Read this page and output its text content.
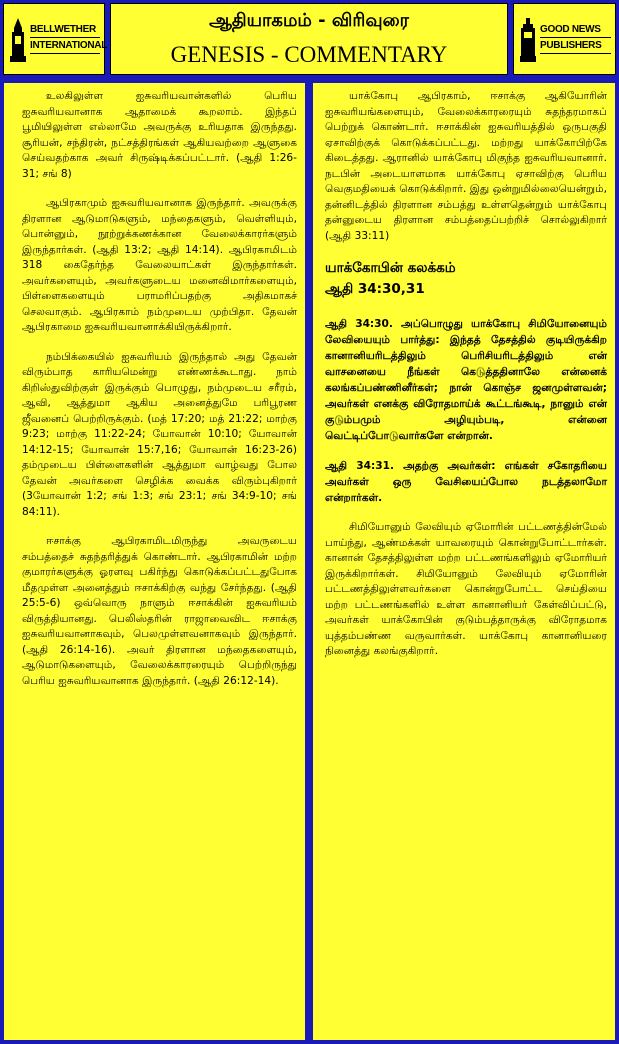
BELLWETHER
INTERNATIONAL
ஆதியாகமம் - விரிவுரை
GENESIS - COMMENTARY
GOOD NEWS
PUBLISHERS

உலகிலுள்ள ஐசுவரியவான்களில் பெரிய ஐசுவரியவானாக ஆதாமைக் கூறலாம். இந்தப் பூமியிலுள்ள எல்லாமே அவருக்கு உரியதாக இருந்தது. சூரியன், சந்திரன், நட்சத்திரங்கள் ஆகியவற்றை ஆளுகை செய்வதற்காக அவர் சிருஷ்டிக்கப்பட்டார். (ஆதி 1:26-31; சங் 8)

ஆபிரகாமும் ஐசுவரியவானாக இருந்தார். அவருக்கு திரளான ஆடுமாடுகளும், மந்தைகளும், வெள்ளியும், பொன்னும், நூற்றுக்கணக்கான வேலைக்காரர்களும் இருந்தார்கள். (ஆதி 13:2; ஆதி 14:14). ஆபிரகாமிடம் 318 கைதேர்ந்த வேலையாட்கள் இருந்தார்கள். அவர்களையும், அவர்களுடைய மனைவிமார்களையும், பிள்ளைகளையும் பராமரிப்பதற்கு அதிகமாகச் செலவாகும். ஆபிரகாம் நம்முடைய முற்பிதா. தேவன் ஆபிரகாமை ஐசுவரியவானாக்கியிருக்கிறார்.

நம்பிக்கையில் ஐசுவரியம் இருந்தால் அது தேவன் விரும்பாத காரியமென்று எண்ணக்கூடாது. நாம் கிறிஸ்துவிற்குள் இருக்கும் பொழுது, நம்முடைய சரீரம், ஆவி, ஆத்துமா ஆகிய அனைத்துமே பரிபூரண ஜீவனைப் பெற்றிருக்கும். (மத் 17:20; மத் 21:22; மாற்கு 9:23; மாற்கு 11:22-24; யோவான் 10:10; யோவான் 14:12-15; யோவான் 15:7,16; யோவான் 16:23-26) தம்முடைய பிள்ளைகளின் ஆத்துமா வாழ்வது போல தேவன் அவர்களை செழிக்க வைக்க விரும்புகிறார் (3யோவான் 1:2; சங் 1:3; சங் 23:1; சங் 34:9-10; சங் 84:11).

ஈசாக்கு ஆபிரகாமிடமிருந்து அவருடைய சம்பத்தைச் சுதந்தரித்துக் கொண்டார். ஆபிரகாமின் மற்ற குமாரர்களுக்கு ஓரளவு பகிர்ந்து கொடுக்கப்பட்டதுபோக மீதமுள்ள அனைத்தும் ஈசாக்கிற்கு வந்து சேர்ந்தது. (ஆதி 25:5-6) ஒவ்வொரு நாளும் ஈசாக்கின் ஐசுவரியம் விருத்தியானது. பெலிஸ்தரின் ராஜாவைவிட ஈசாக்கு ஐசுவரியவானாகவும், பெலமுள்ளவனாகவும் இருந்தார். (ஆதி 26:14-16). அவர் திரளான மந்தைகளையும், ஆடுமாடுகளையும், வேலைக்காரரையும் பெற்றிருந்து பெரிய ஐசுவரியவானாக இருந்தார். (ஆதி 26:12-14).

யாக்கோபு ஆபிரகாம், ஈசாக்கு ஆகியோரின் ஐசுவரியங்களையும், வேலைக்காரரையும் சுதந்தரமாகப் பெற்றுக் கொண்டார். ஈசாக்கின் ஐசுவரியத்தில் ஒருபகுதி ஏசாவிற்குக் கொடுக்கப்பட்டது. மற்றது யாக்கோபிற்கே கிடைத்தது. ஆரானில் யாக்கோபு மிகுந்த ஐசுவரியவானார். நடபின் அடையாளமாக யாக்கோபு ஏசாவிற்கு பெரிய வெகுமதியைக் கொடுக்கிறார். இது ஒன்றுமில்லையென்றும், தன்னிடத்தில் திரளான சம்பத்து உள்ளதென்றும் யாக்கோபு தன்னுடைய திரளான சம்பத்தைப்பற்றிச் சொல்லுகிறார் (ஆதி 33:11)

யாக்கோபின் கலக்கம்
ஆதி 34:30,31

ஆதி 34:30. அப்பொழுது யாக்கோபு சிமியோனையும் லேவியையும் பார்த்து: இந்தத் தேசத்தில் குடியிருக்கிற கானானியரிடத்திலும் பெரிசியரிடத்திலும் என் வாசனையை நீங்கள் கெடுத்ததினாலே என்னைக் கலங்கப்பண்ணினீர்கள்; நான் கொஞ்ச ஜனமுள்ளவன்; அவர்கள் எனக்கு விரோதமாய்க் கூட்டங்கூடி, நானும் என் குடும்பமும் அழியும்படி, என்னை வெட்டிப்போடுவார்களே என்றான்.

ஆதி 34:31. அதற்கு அவர்கள்: எங்கள் சகோதரியை அவர்கள் ஒரு வேசியைப்போல நடத்தலாமோ என்றார்கள்.

சிமியோனும் லேவியும் ஏமோரின் பட்டணத்தின்மேல் பாய்ந்து, ஆண்மக்கள் யாவரையும் கொன்றுபோட்டார்கள். கானான் தேசத்திலுள்ள மற்ற பட்டணங்களிலும் ஏமோரியர் இருக்கிறார்கள். சிமியோனும் லேவியும் ஏமோரின் பட்டணத்திலுள்ளவர்களை கொன்றுபோட்ட செய்தியை மற்ற பட்டணங்களில் உள்ள கானானியர் கேள்விப்பட்டு, அவர்கள் யாக்கோபின் குடும்பத்தாருக்கு விரோதமாக யுத்தம்பண்ண வருவார்கள். யாக்கோபு கானானியரை நினைத்து கலங்குகிறார்.
